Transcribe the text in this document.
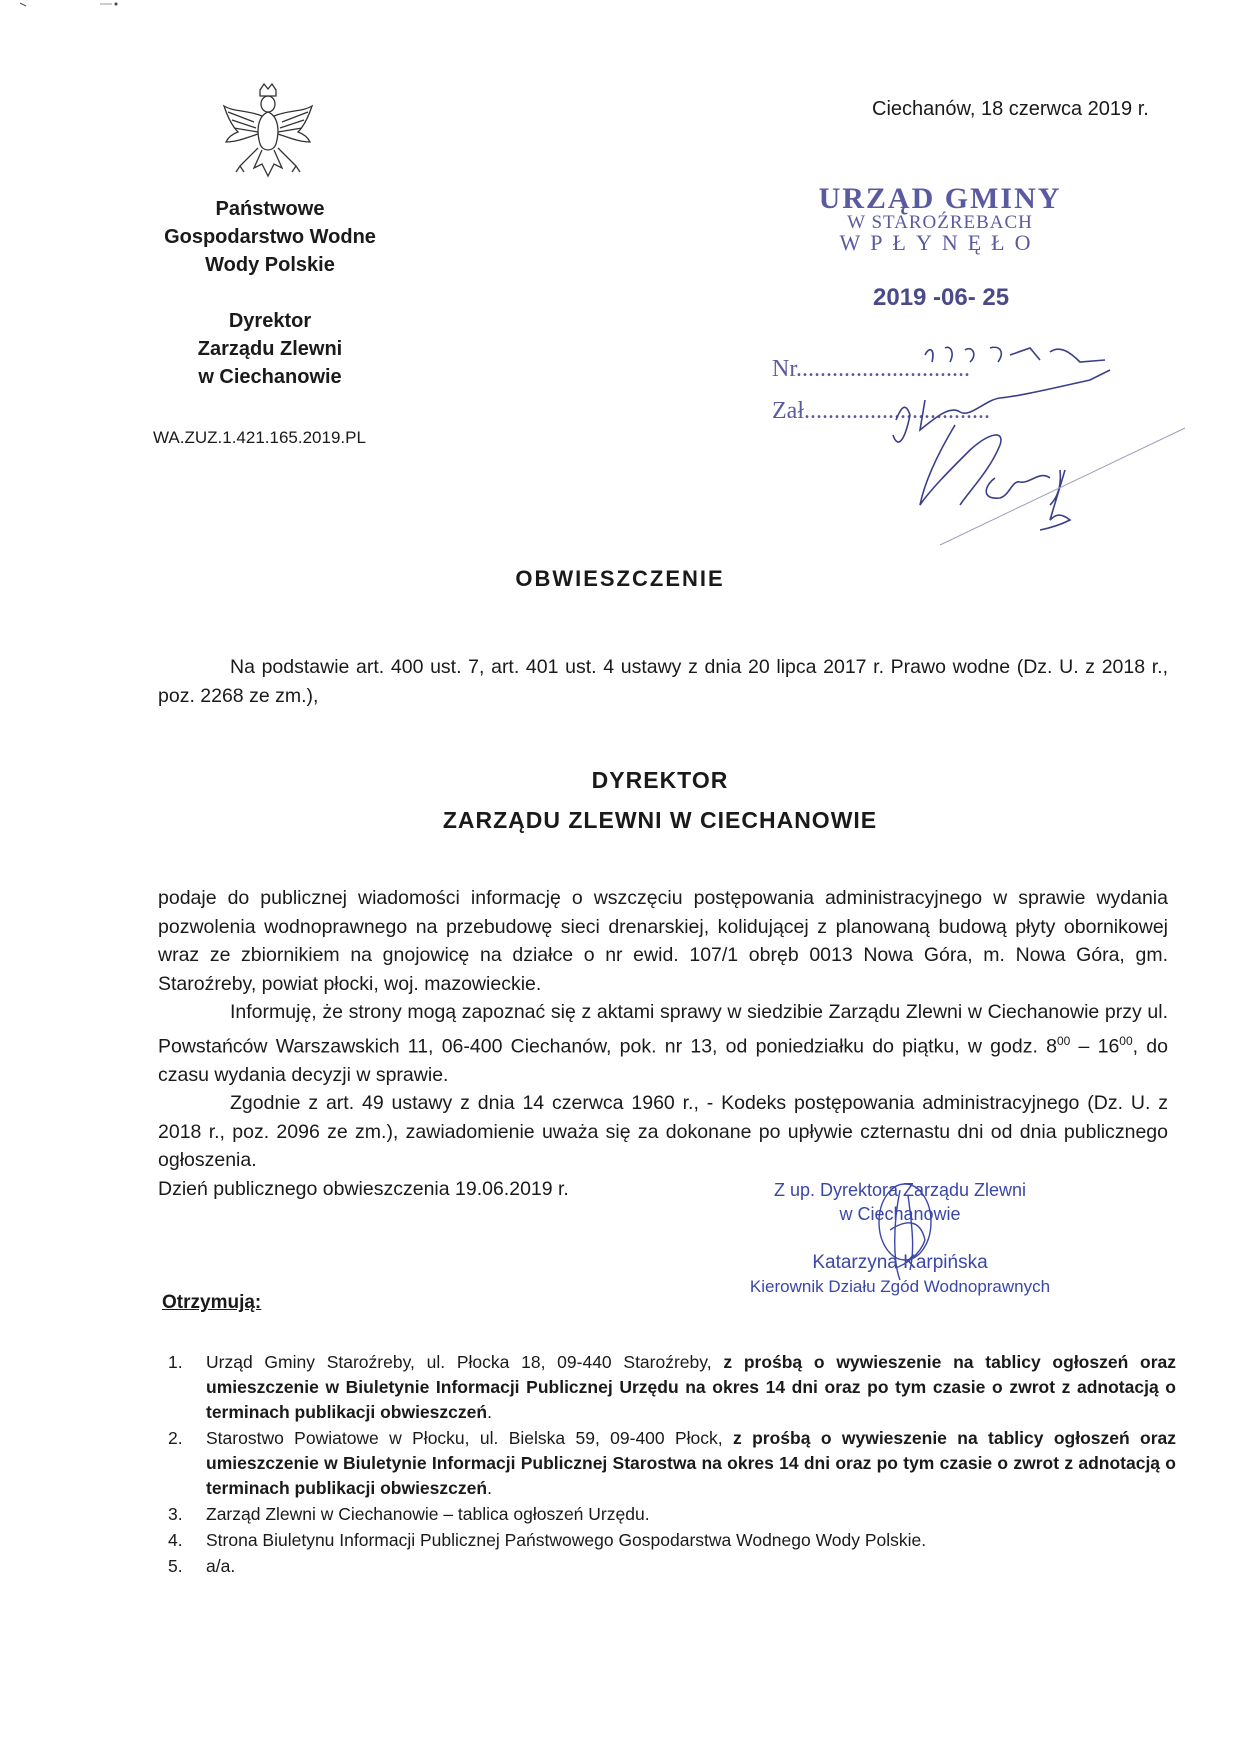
Państwowe
Gospodarstwo Wodne
Wody Polskie
Dyrektor
Zarządu Zlewni
w Ciechanowie
WA.ZUZ.1.421.165.2019.PL
Ciechanów, 18 czerwca 2019 r.
URZĄD GMINY
W STAROŹREBACH
WPŁYNĘŁO
2019 -06- 25
Nr.............................
Zał...............................
OBWIESZCZENIE
Na podstawie art. 400 ust. 7, art. 401 ust. 4 ustawy z dnia 20 lipca 2017 r. Prawo wodne (Dz. U. z 2018 r., poz. 2268 ze zm.),
DYREKTOR
ZARZĄDU ZLEWNI W CIECHANOWIE
podaje do publicznej wiadomości informację o wszczęciu postępowania administracyjnego w sprawie wydania pozwolenia wodnoprawnego na przebudowę sieci drenarskiej, kolidującej z planowaną budową płyty obornikowej wraz ze zbiornikiem na gnojowicę na działce o nr ewid. 107/1 obręb 0013 Nowa Góra, m. Nowa Góra, gm. Staroźreby, powiat płocki, woj. mazowieckie.
Informuję, że strony mogą zapoznać się z aktami sprawy w siedzibie Zarządu Zlewni w Ciechanowie przy ul. Powstańców Warszawskich 11, 06-400 Ciechanów, pok. nr 13, od poniedziałku do piątku, w godz. $8^{00} - 16^{00}$, do czasu wydania decyzji w sprawie.
Zgodnie z art. 49 ustawy z dnia 14 czerwca 1960 r., - Kodeks postępowania administracyjnego (Dz. U. z 2018 r., poz. 2096 ze zm.), zawiadomienie uważa się za dokonane po upływie czternastu dni od dnia publicznego ogłoszenia.
Dzień publicznego obwieszczenia 19.06.2019 r.	Z up. Dyrektora Zarządu Zlewni
w Ciechanowie
Katarzyna Karpińska
Kierownik Działu Zgód Wodnoprawnych
Otrzymują:
1. Urząd Gminy Staroźreby, ul. Płocka 18, 09-440 Staroźreby, z prośbą o wywieszenie na tablicy ogłoszeń oraz umieszczenie w Biuletynie Informacji Publicznej Urzędu na okres 14 dni oraz po tym czasie o zwrot z adnotacją o terminach publikacji obwieszczeń.
2. Starostwo Powiatowe w Płocku, ul. Bielska 59, 09-400 Płock, z prośbą o wywieszenie na tablicy ogłoszeń oraz umieszczenie w Biuletynie Informacji Publicznej Starostwa na okres 14 dni oraz po tym czasie o zwrot z adnotacją o terminach publikacji obwieszczeń.
3. Zarząd Zlewni w Ciechanowie – tablica ogłoszeń Urzędu.
4. Strona Biuletynu Informacji Publicznej Państwowego Gospodarstwa Wodnego Wody Polskie.
5. a/a.
